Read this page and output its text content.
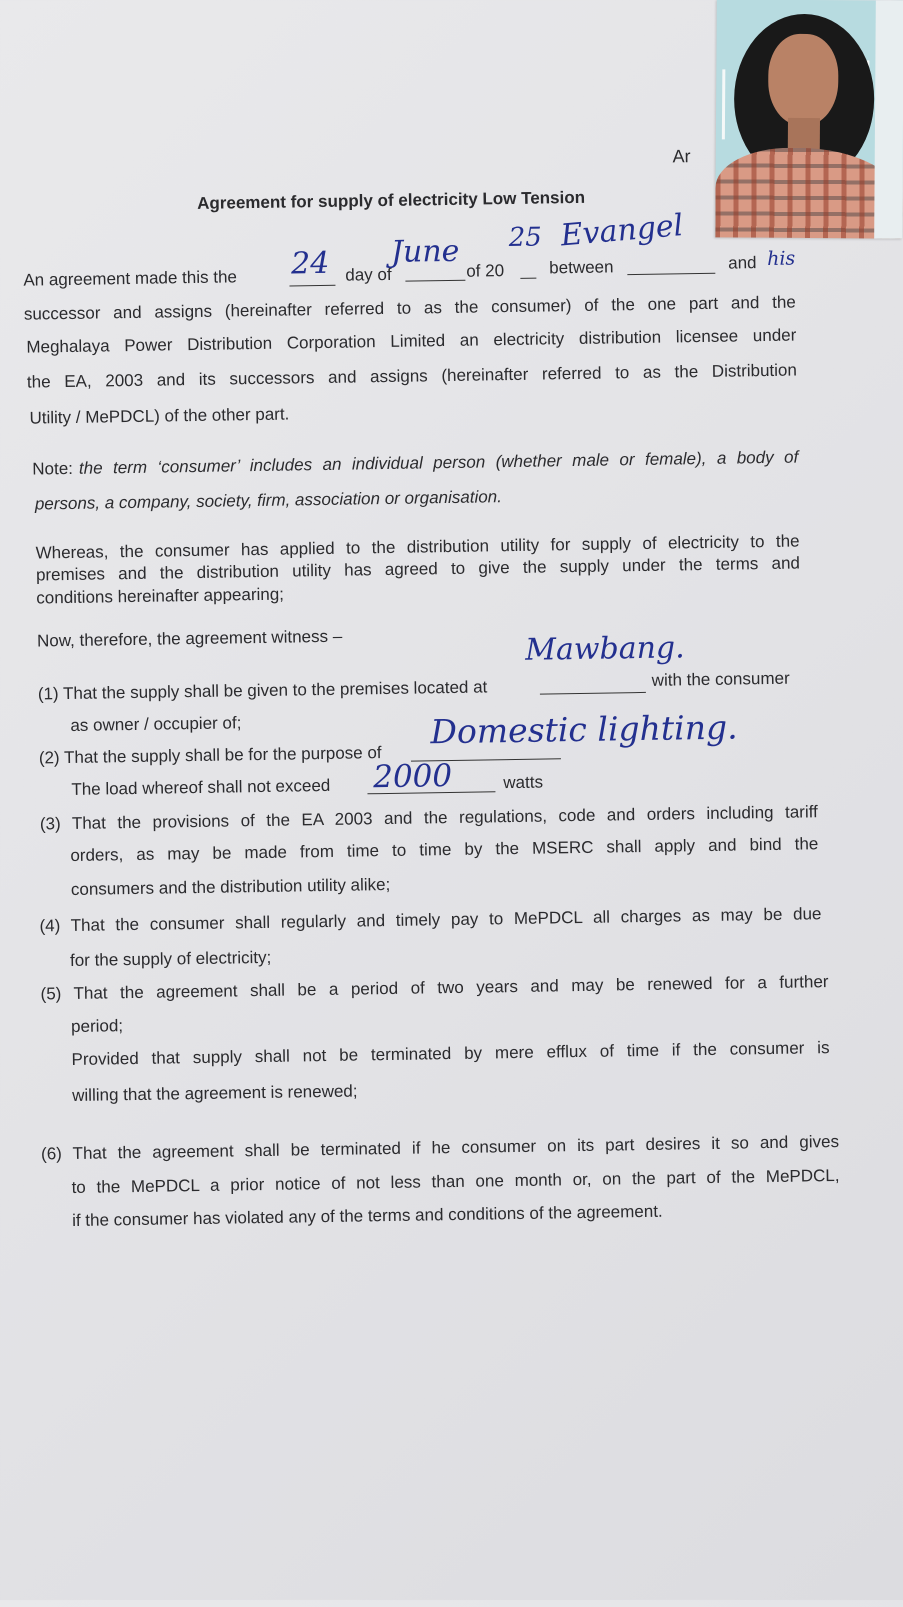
Ar
Agreement for supply of electricity Low Tension
An agreement made this the 24 day of
June
of 20
25
between
Evangel
and his
successor and assigns (hereinafter referred to as the consumer) of the one part and the
Meghalaya Power Distribution Corporation Limited an electricity distribution licensee under
the EA, 2003 and its successors and assigns (hereinafter referred to as the Distribution
Utility / MePDCL) of the other part.
Note: the term ‘consumer’ includes an individual person (whether male or female), a body of
persons, a company, society, firm, association or organisation.
Whereas, the consumer has applied to the distribution utility for supply of electricity to the
premises and the distribution utility has agreed to give the supply under the terms and
conditions hereinafter appearing;
Now, therefore, the agreement witness –
(1) That the supply shall be given to the premises located at
Mawbang.
with the consumer
as owner / occupier of;
(2) That the supply shall be for the purpose of
Domestic lighting.
The load whereof shall not exceed 2000	watts
(3) That the provisions of the EA 2003 and the regulations, code and orders including tariff
orders, as may be made from time to time by the MSERC shall apply and bind the
consumers and the distribution utility alike;
(4) That the consumer shall regularly and timely pay to MePDCL all charges as may be due
for the supply of electricity;
(5) That the agreement shall be a period of two years and may be renewed for a further
period;
Provided that supply shall not be terminated by mere efflux of time if the consumer is
willing that the agreement is renewed;
(6) That the agreement shall be terminated if he consumer on its part desires it so and gives
to the MePDCL a prior notice of not less than one month or, on the part of the MePDCL,
if the consumer has violated any of the terms and conditions of the agreement.
